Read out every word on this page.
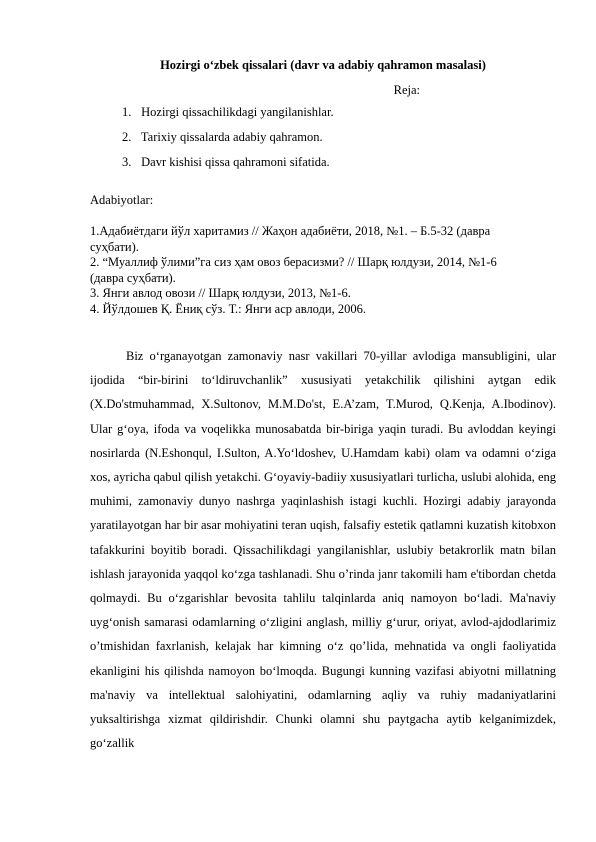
Hozirgi o‘zbek qissalari (davr va adabiy qahramon masalasi)
Reja:
1. Hozirgi qissachilikdagi yangilanishlar.
2. Tarixiy qissalarda adabiy qahramon.
3. Davr kishisi qissa qahramoni sifatida.
Adabiyotlar:
1.Адабиётдаги йўл харитамиз // Жаҳон адабиёти, 2018, №1. – Б.5-32 (давра суҳбати).
2. “Муаллиф ўлими”га сиз ҳам овоз берасизми? // Шарқ юлдузи, 2014, №1-6 (давра суҳбати).
3. Янги авлод овози // Шарқ юлдузи, 2013, №1-6.
4. Йўлдошев Қ. Ёниқ сўз. Т.: Янги аср авлоди, 2006.

Biz o‘rganayotgan zamonaviy nasr vakillari 70-yillar avlodiga mansubligini, ular ijodida “bir-birini to‘ldiruvchanlik” xususiyati yetakchilik qilishini aytgan edik (X.Do'stmuhammad, X.Sultonov, M.M.Do'st, E.A’zam, T.Murod, Q.Kenja, A.Ibodinov). Ular g‘oya, ifoda va voqelikka munosabatda bir-biriga yaqin turadi. Bu avloddan keyingi nosirlarda (N.Eshonqul, I.Sulton, A.Yo‘ldoshev, U.Hamdam kabi) olam va odamni o‘ziga xos, ayricha qabul qilish yetakchi. G‘oyaviy-badiiy xususiyatlari turlicha, uslubi alohida, eng muhimi, zamonaviy dunyo nashrga yaqinlashish istagi kuchli. Hozirgi adabiy jarayonda yaratilayotgan har bir asar mohiyatini teran uqish, falsafiy estetik qatlamni kuzatish kitobxon tafakkurini boyitib boradi. Qissachilikdagi yangilanishlar, uslubiy betakrorlik matn bilan ishlash jarayonida yaqqol ko‘zga tashlanadi. Shu o’rinda janr takomili ham e'tibordan chetda qolmaydi. Bu o‘zgarishlar bevosita tahlilu talqinlarda aniq namoyon bo‘ladi. Ma'naviy uyg‘onish samarasi odamlarning o‘zligini anglash, milliy g‘urur, oriyat, avlod-ajdodlarimiz o’tmishidan faxrlanish, kelajak har kimning o‘z qo’lida, mehnatida va ongli faoliyatida ekanligini his qilishda namoyon bo‘lmoqda. Bugungi kunning vazifasi abiyotni millatning ma'naviy va intellektual salohiyatini, odamlarning aqliy va ruhiy madaniyatlarini yuksaltirishga xizmat qildirishdir. Chunki olamni shu paytgacha aytib kelganimizdek, go‘zallik
